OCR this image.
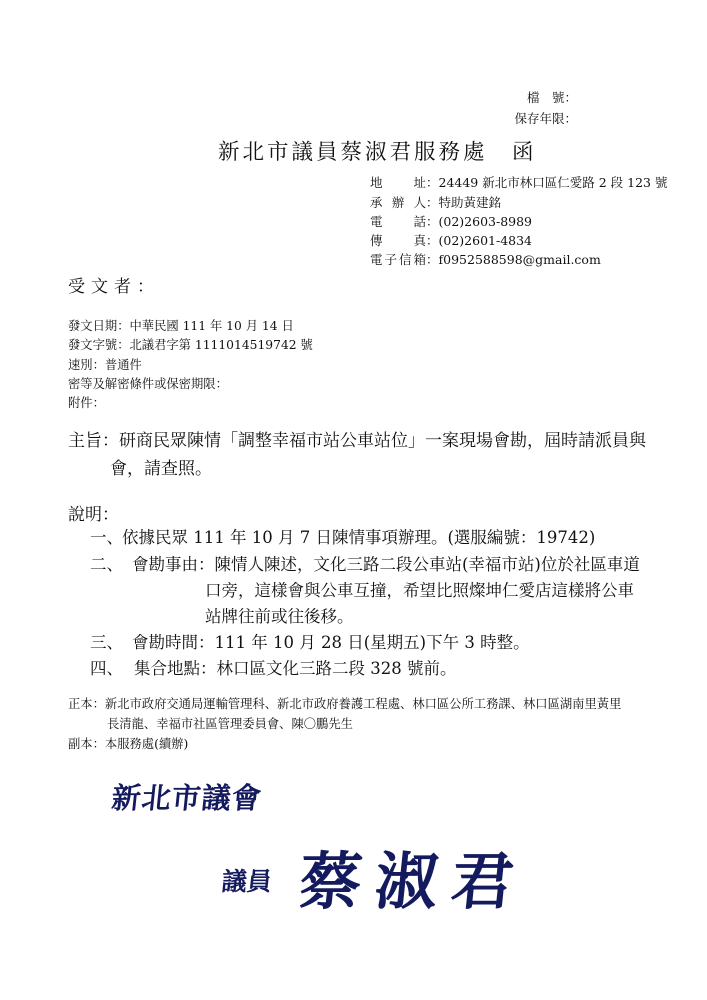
檔　號：
保存年限：
新北市議員蔡淑君服務處　函
地址：24449 新北市林口區仁愛路 2 段 123 號
承辦人：特助黃建銘
電話：(02)2603-8989
傳真：(02)2601-4834
電子信箱：f0952588598@gmail.com
受文者：
發文日期：中華民國 111 年 10 月 14 日
發文字號：北議君字第 1111014519742 號
速別：普通件
密等及解密條件或保密期限：
附件：
主旨：研商民眾陳情「調整幸福市站公車站位」一案現場會勘，屆時請派員與
會，請查照。
說明：
一、 依據民眾 111 年 10 月 7 日陳情事項辦理。(選服編號：19742)
二、 會勘事由：陳情人陳述，文化三路二段公車站(幸福市站)位於社區車道
口旁，這樣會與公車互撞，希望比照燦坤仁愛店這樣將公車
站牌往前或往後移。
三、 會勘時間：111 年 10 月 28 日(星期五)下午 3 時整。
四、 集合地點：林口區文化三路二段 328 號前。
正本：新北市政府交通局運輸管理科、新北市政府養護工程處、林口區公所工務課、林口區湖南里黃里
長清龍、幸福市社區管理委員會、陳〇鵬先生
副本：本服務處(續辦)
新北市議會
議員 蔡淑君
